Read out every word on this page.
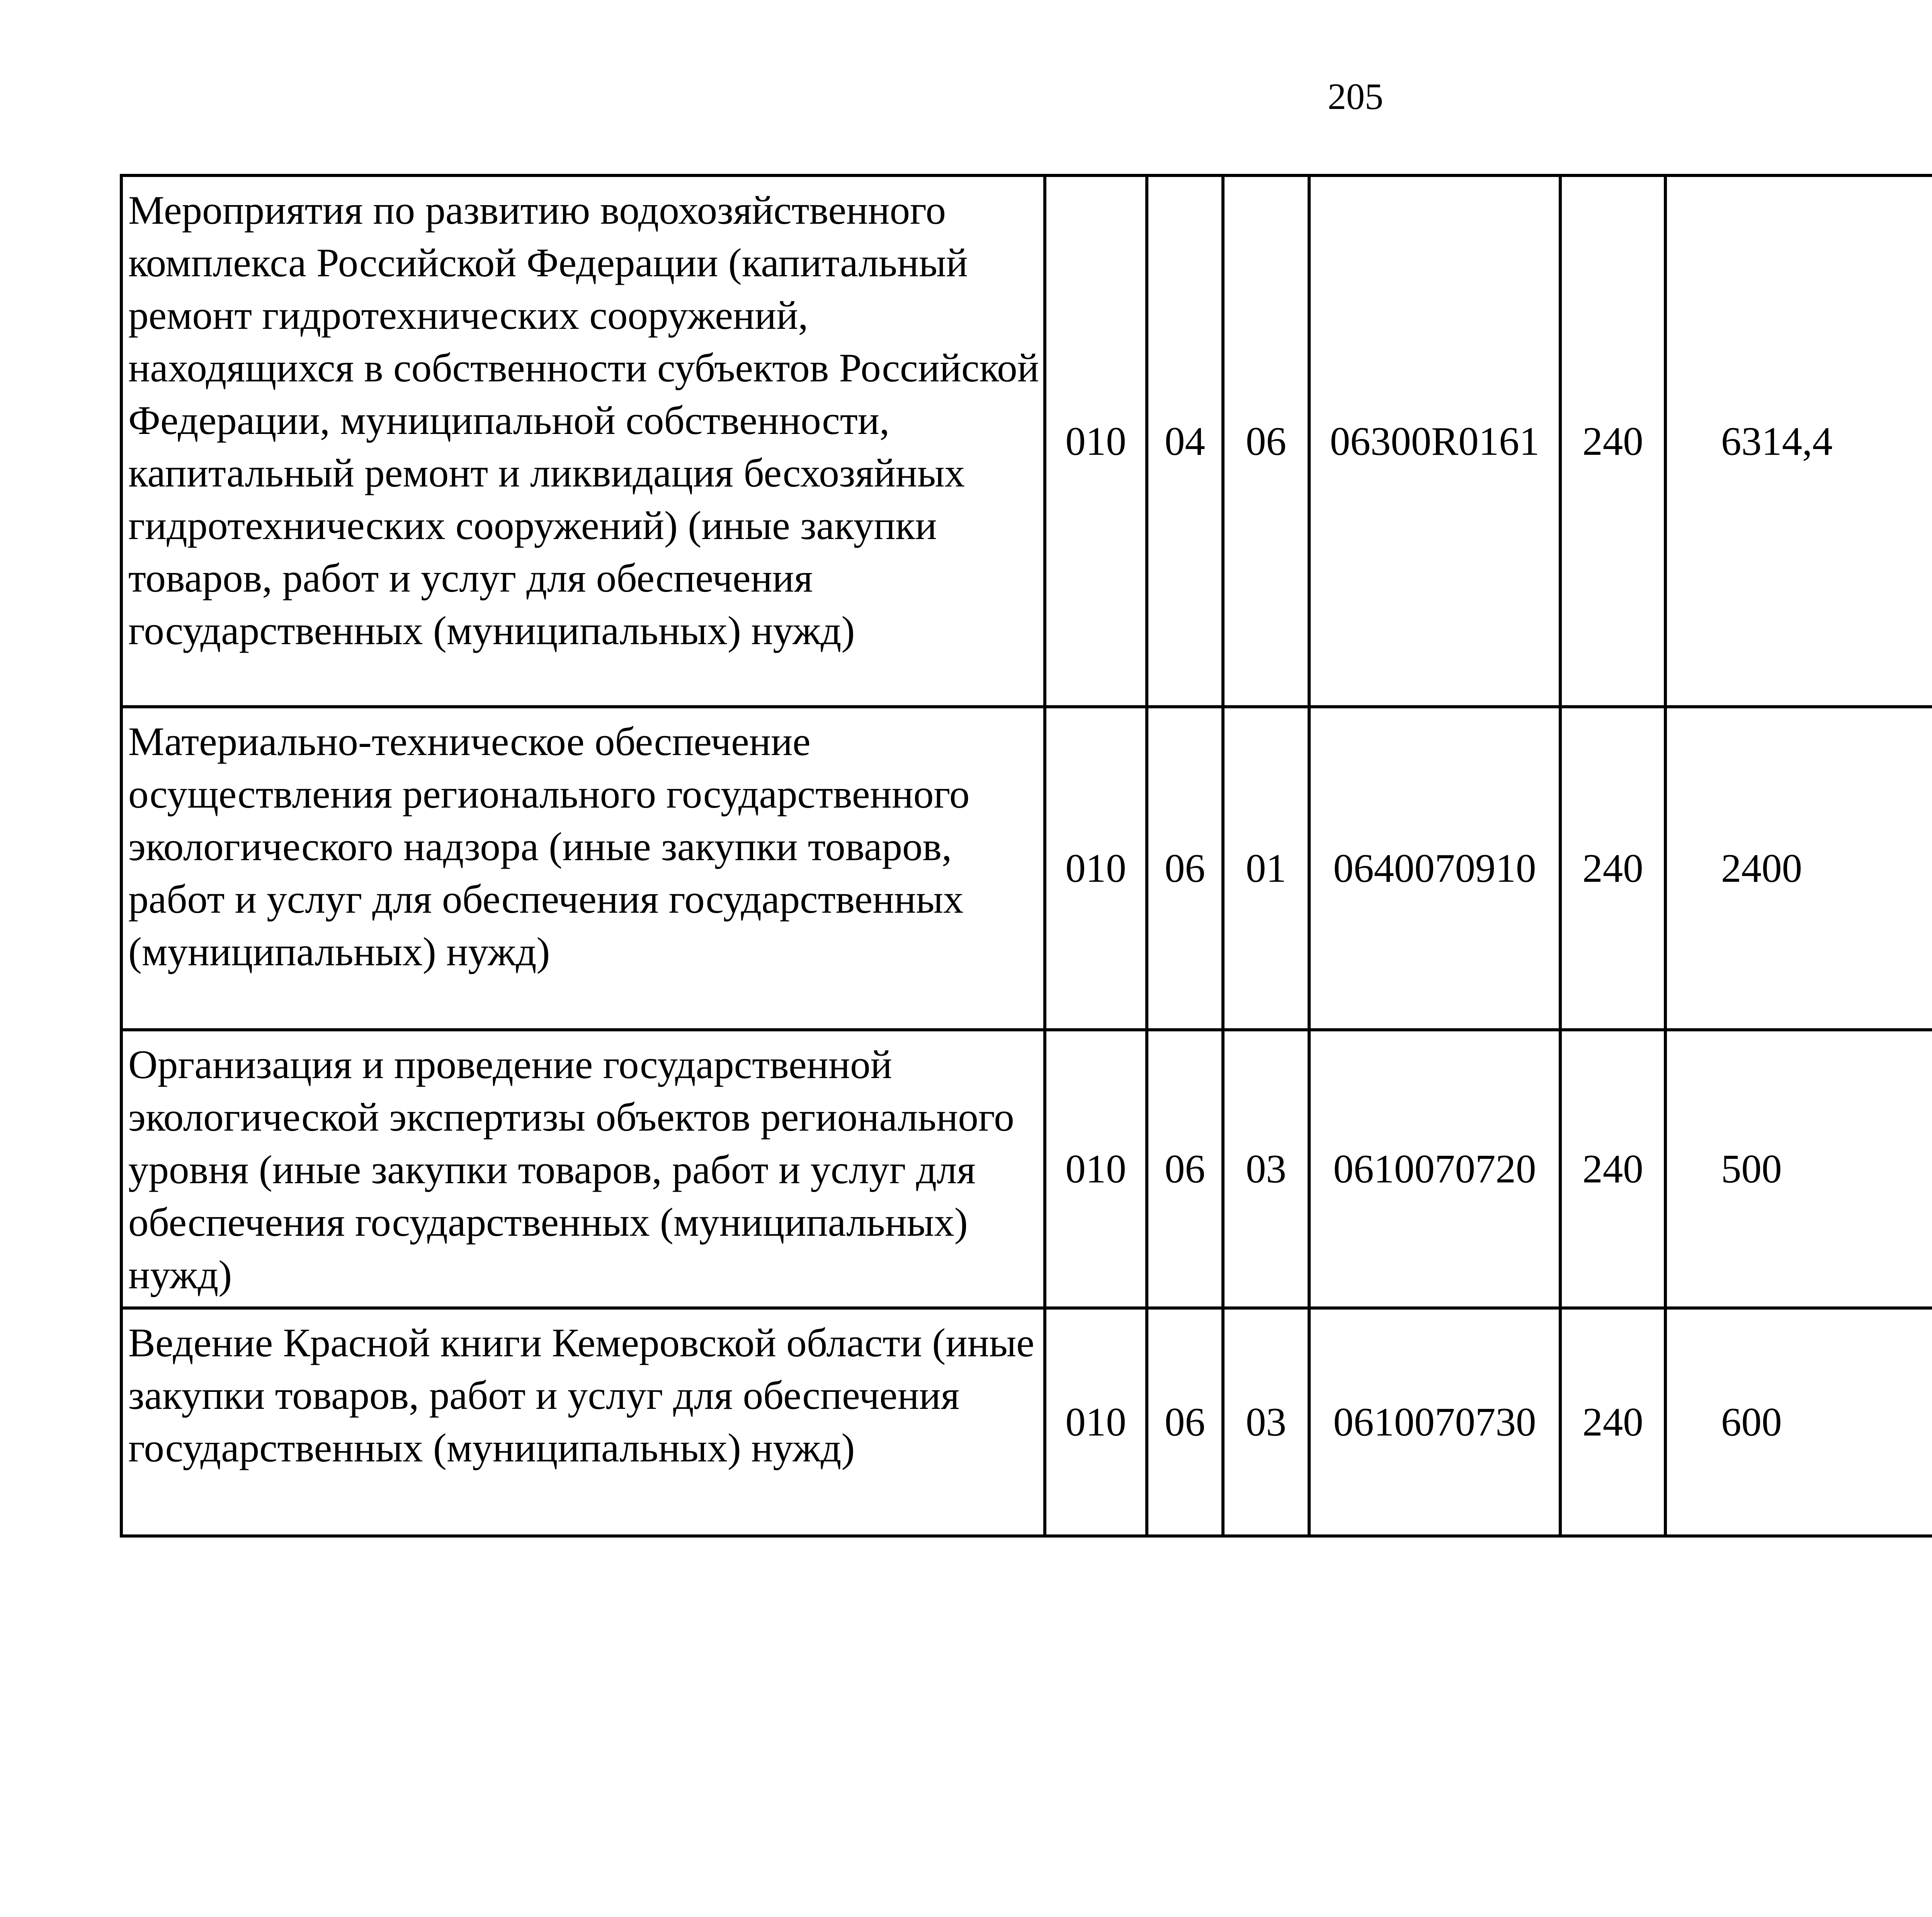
205
Мероприятия по развитию водохозяйственного комплекса Российской Федерации (капитальный ремонт гидротехнических сооружений, находящихся в собственности субъектов Российской Федерации, муниципальной собственности, капитальный ремонт и ликвидация бесхозяйных гидротехнических сооружений) (иные закупки товаров, работ и услуг для обеспечения государственных (муниципальных) нужд)	010	04	06	06300R0161	240	6314,4		
Материально-техническое обеспечение осуществления регионального государственного экологического надзора (иные закупки товаров, работ и услуг для обеспечения государственных (муниципальных) нужд)	010	06	01	0640070910	240	2400		
Организация и проведение государственной экологической экспертизы объектов регионального уровня (иные закупки товаров, работ и услуг для обеспечения государственных (муниципальных) нужд)	010	06	03	0610070720	240	500		
Ведение Красной книги Кемеровской области (иные закупки товаров, работ и услуг для обеспечения государственных (муниципальных) нужд)	010	06	03	0610070730	240	600		
